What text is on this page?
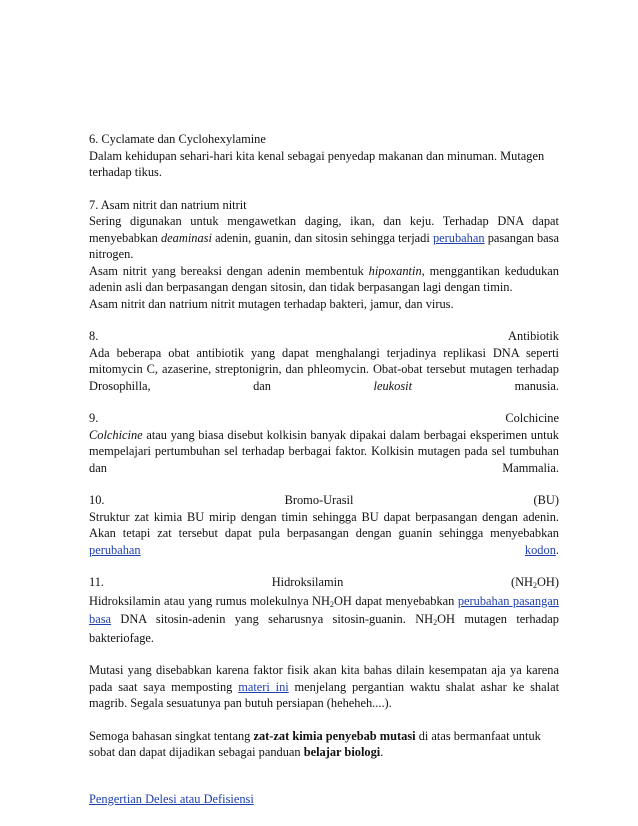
6. Cyclamate dan Cyclohexylamine

Dalam kehidupan sehari-hari kita kenal sebagai penyedap makanan dan minuman. Mutagen terhadap tikus.

7. Asam nitrit dan natrium nitrit

Sering digunakan untuk mengawetkan daging, ikan, dan keju. Terhadap DNA dapat menyebabkan deaminasi adenin, guanin, dan sitosin sehingga terjadi perubahan pasangan basa nitrogen.

Asam nitrit yang bereaksi dengan adenin membentuk hipoxantin, menggantikan kedudukan adenin asli dan berpasangan dengan sitosin, dan tidak berpasangan lagi dengan timin.

Asam nitrit dan natrium nitrit mutagen terhadap bakteri, jamur, dan virus.

8.	Antibiotik

Ada beberapa obat antibiotik yang dapat menghalangi terjadinya replikasi DNA seperti mitomycin C, azaserine, streptonigrin, dan phleomycin. Obat-obat tersebut mutagen terhadap Drosophilla, dan leukosit manusia.

9.	Colchicine

Colchicine atau yang biasa disebut kolkisin banyak dipakai dalam berbagai eksperimen untuk mempelajari pertumbuhan sel terhadap berbagai faktor. Kolkisin mutagen pada sel tumbuhan dan Mammalia.

10.	Bromo-Urasil	(BU)

Struktur zat kimia BU mirip dengan timin sehingga BU dapat berpasangan dengan adenin. Akan tetapi zat tersebut dapat pula berpasangan dengan guanin sehingga menyebabkan perubahan	kodon.

11.	Hidroksilamin	$(NH_2OH)$

Hidroksilamin atau yang rumus molekulnya $NH_2OH$ dapat menyebabkan perubahan pasangan basa DNA sitosin-adenin yang seharusnya sitosin-guanin. $NH_2OH$ mutagen terhadap bakteriofage.

Mutasi yang disebabkan karena faktor fisik akan kita bahas dilain kesempatan aja ya karena pada saat saya memposting materi ini menjelang pergantian waktu shalat ashar ke shalat magrib. Segala sesuatunya pan butuh persiapan (heheheh....).

Semoga bahasan singkat tentang zat-zat kimia penyebab mutasi di atas bermanfaat untuk sobat dan dapat dijadikan sebagai panduan belajar biologi.

Pengertian Delesi atau Defisiensi
